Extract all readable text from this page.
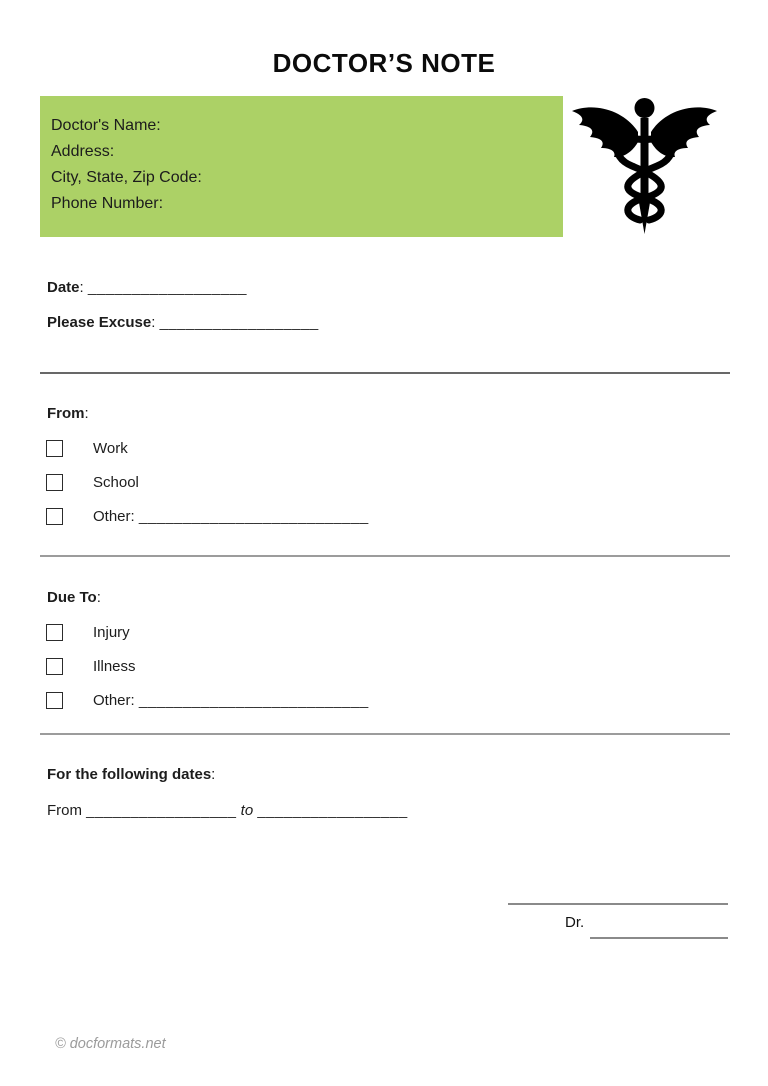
DOCTOR’S NOTE
Doctor's Name:
Address:
City, State, Zip Code:
Phone Number:
Date: __________________
Please Excuse: __________________
From:
Work
School
Other: __________________________
Due To:
Injury
Illness
Other: __________________________
For the following dates:
From _________________ to _________________
Dr.
© docformats.net
